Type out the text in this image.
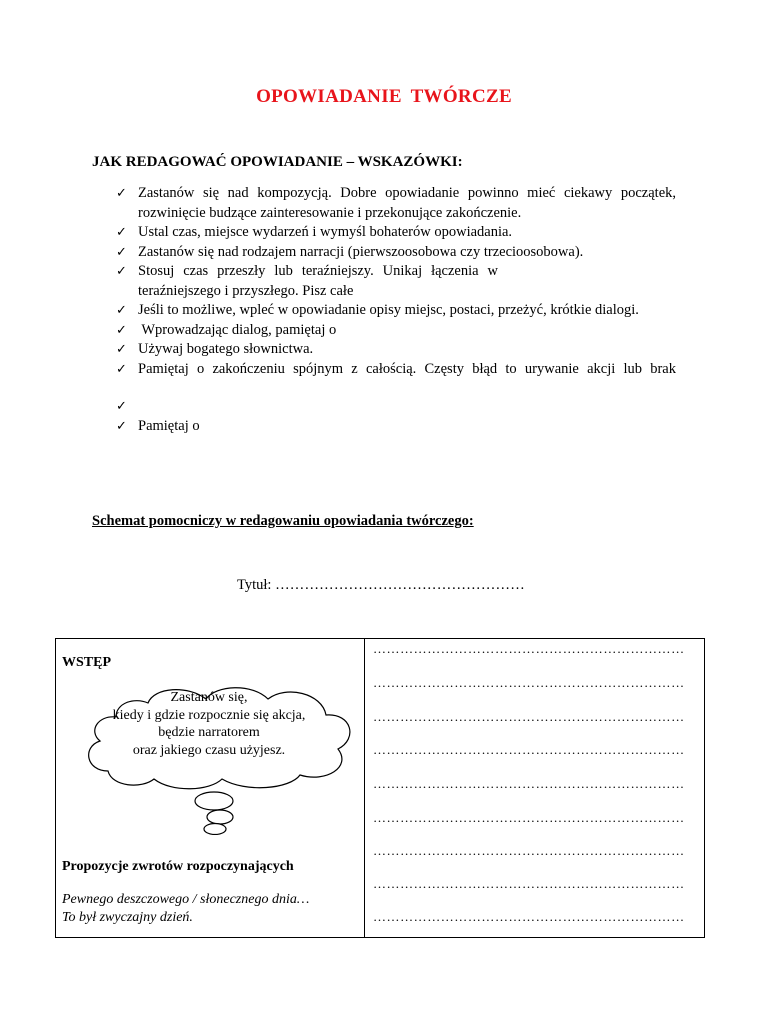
OPOWIADANIE TWÓRCZE
JAK REDAGOWAĆ OPOWIADANIE – WSKAZÓWKI:
✓ Zastanów się nad kompozycją. Dobre opowiadanie powinno mieć ciekawy początek,
rozwinięcie budzące zainteresowanie i przekonujące zakończenie.
✓ Ustal czas, miejsce wydarzeń i wymyśl bohaterów opowiadania.
✓ Zastanów się nad rodzajem narracji (pierwszoosobowa czy trzecioosobowa).
✓ Stosuj czas przeszły lub teraźniejszy. Unikaj łączenia w
teraźniejszego i przyszłego. Pisz całe
✓ Jeśli to możliwe, wpleć w opowiadanie opisy miejsc, postaci, przeżyć, krótkie dialogi.
✓ Wprowadzając dialog, pamiętaj o
✓ Używaj bogatego słownictwa.
✓ Pamiętaj o zakończeniu spójnym z całością. Częsty błąd to urywanie akcji lub brak
✓
✓ Pamiętaj o
Schemat pomocniczy w redagowaniu opowiadania twórczego:
Tytuł: ……………………………………………
WSTĘP
Zastanów się,
kiedy i gdzie rozpocznie się akcja,
będzie narratorem
oraz jakiego czasu użyjesz.
Propozycje zwrotów rozpoczynających
Pewnego deszczowego / słonecznego dnia…
To był zwyczajny dzień.
……………………………………………………………
……………………………………………………………
……………………………………………………………
……………………………………………………………
……………………………………………………………
……………………………………………………………
……………………………………………………………
……………………………………………………………
……………………………………………………………
